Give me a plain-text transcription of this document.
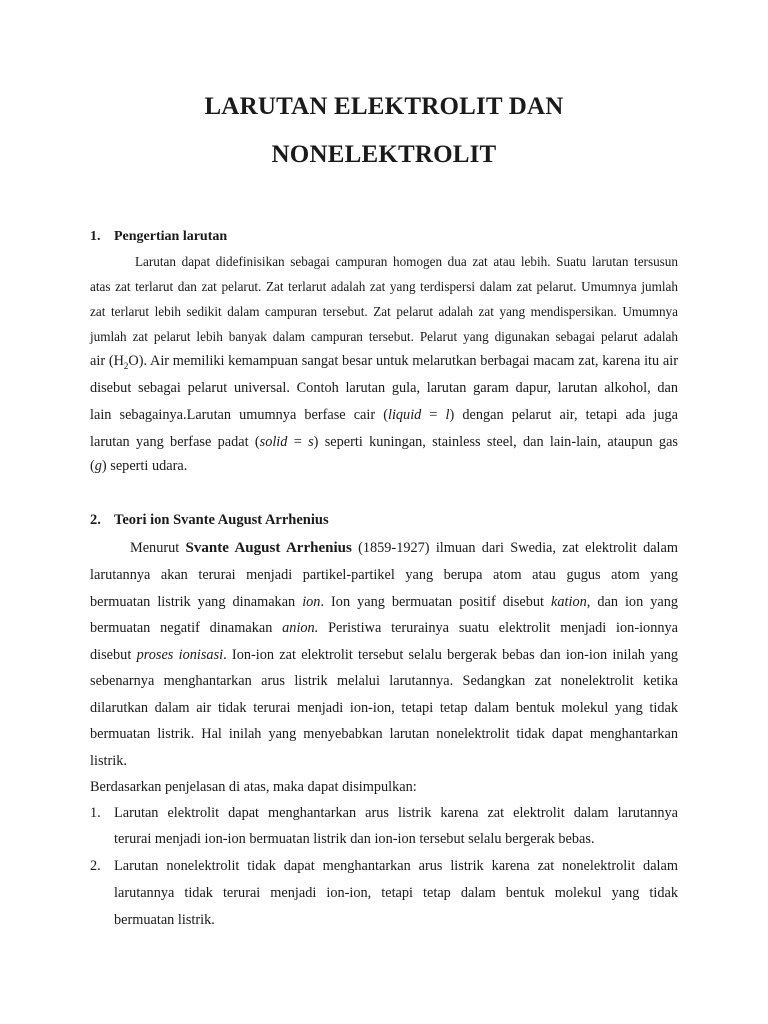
LARUTAN ELEKTROLIT DAN
NONELEKTROLIT
1. Pengertian larutan
Larutan dapat didefinisikan sebagai campuran homogen dua zat atau lebih. Suatu larutan tersusun
atas zat terlarut dan zat pelarut. Zat terlarut adalah zat yang terdispersi dalam zat pelarut. Umumnya jumlah
zat terlarut lebih sedikit dalam campuran tersebut. Zat pelarut adalah zat yang mendispersikan. Umumnya
jumlah zat pelarut lebih banyak dalam campuran tersebut. Pelarut yang digunakan sebagai pelarut adalah
air $(H_2O)$. Air memiliki kemampuan sangat besar untuk melarutkan berbagai macam zat, karena itu air
disebut sebagai pelarut universal. Contoh larutan gula, larutan garam dapur, larutan alkohol, dan
lain sebagainya.Larutan umumnya berfase cair (liquid = l) dengan pelarut air, tetapi ada juga
larutan yang berfase padat (solid = s) seperti kuningan, stainless steel, dan lain-lain, ataupun gas
(g) seperti udara.
2. Teori ion Svante August Arrhenius
Menurut Svante August Arrhenius (1859-1927) ilmuan dari Swedia, zat elektrolit dalam
larutannya akan terurai menjadi partikel-partikel yang berupa atom atau gugus atom yang
bermuatan listrik yang dinamakan ion. Ion yang bermuatan positif disebut kation, dan ion yang
bermuatan negatif dinamakan anion. Peristiwa terurainya suatu elektrolit menjadi ion-ionnya
disebut proses ionisasi. Ion-ion zat elektrolit tersebut selalu bergerak bebas dan ion-ion inilah yang
sebenarnya menghantarkan arus listrik melalui larutannya. Sedangkan zat nonelektrolit ketika
dilarutkan dalam air tidak terurai menjadi ion-ion, tetapi tetap dalam bentuk molekul yang tidak
bermuatan listrik. Hal inilah yang menyebabkan larutan nonelektrolit tidak dapat menghantarkan
listrik.
Berdasarkan penjelasan di atas, maka dapat disimpulkan:
1. Larutan elektrolit dapat menghantarkan arus listrik karena zat elektrolit dalam larutannya
terurai menjadi ion-ion bermuatan listrik dan ion-ion tersebut selalu bergerak bebas.
2. Larutan nonelektrolit tidak dapat menghantarkan arus listrik karena zat nonelektrolit dalam
larutannya tidak terurai menjadi ion-ion, tetapi tetap dalam bentuk molekul yang tidak
bermuatan listrik.
